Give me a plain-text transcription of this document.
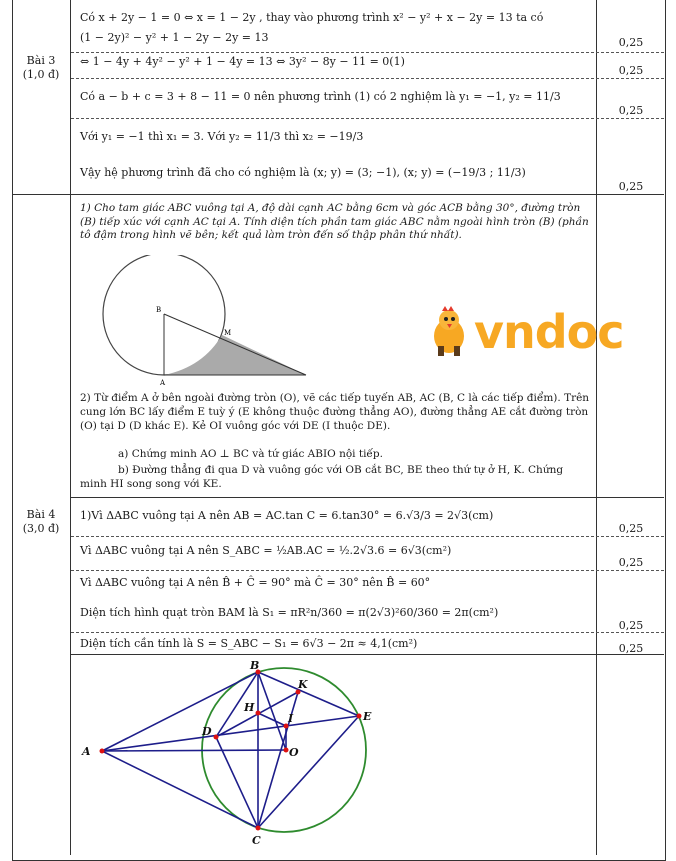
Bài 3
(1,0 đ)
Có x + 2y − 1 = 0 ⇔ x = 1 − 2y , thay vào phương trình x² − y² + x − 2y = 13 ta có
(1 − 2y)² − y² + 1 − 2y − 2y = 13	0,25
⇔ 1 − 4y + 4y² − y² + 1 − 4y = 13 ⇔ 3y² − 8y − 11 = 0(1)
0,25
Có a − b + c = 3 + 8 − 11 = 0 nên phương trình (1) có 2 nghiệm là y₁ = −1, y₂ = 11/3
0,25
Với y₁ = −1 thì x₁ = 3. Với y₂ = 11/3 thì x₂ = −19/3
Vậy hệ phương trình đã cho có nghiệm là (x; y) = (3; −1), (x; y) = (−19/3 ; 11/3)
0,25
Bài 4
(3,0 đ)
1) Cho tam giác ABC vuông tại A, độ dài cạnh AC bằng 6cm và góc ACB bằng 30°, đường tròn (B) tiếp xúc với cạnh AC tại A. Tính diện tích phần tam giác ABC nằm ngoài hình tròn (B) (phần tô đậm trong hình vẽ bên; kết quả làm tròn đến số thập phân thứ nhất).
B
M
A
vndoc
2) Từ điểm A ở bên ngoài đường tròn (O), vẽ các tiếp tuyến AB, AC (B, C là các tiếp điểm). Trên cung lớn BC lấy điểm E tuỳ ý (E không thuộc đường thẳng AO), đường thẳng AE cắt đường tròn (O) tại D (D khác E). Kẻ OI vuông góc với DE (I thuộc DE).
a) Chứng minh AO ⊥ BC và tứ giác ABIO nội tiếp.
b) Đường thẳng đi qua D và vuông góc với OB cắt BC, BE theo thứ tự ở H, K. Chứng minh HI song song với KE.
1)Vì ΔABC vuông tại A nên AB = AC.tan C = 6.tan30° = 6.√3/3 = 2√3(cm)
0,25
Vì ΔABC vuông tại A nên S_ABC = ½AB.AC = ½.2√3.6 = 6√3(cm²)
0,25
Vì ΔABC vuông tại A nên B̂ + Ĉ = 90° mà Ĉ = 30° nên B̂ = 60°
Diện tích hình quạt tròn BAM là S₁ = πR²n/360 = π(2√3)²60/360 = 2π(cm²)
0,25
Diện tích cần tính là S = S_ABC − S₁ = 6√3 − 2π ≈ 4,1(cm²)	0,25
A
B
C
D
E
H
I
K
O
